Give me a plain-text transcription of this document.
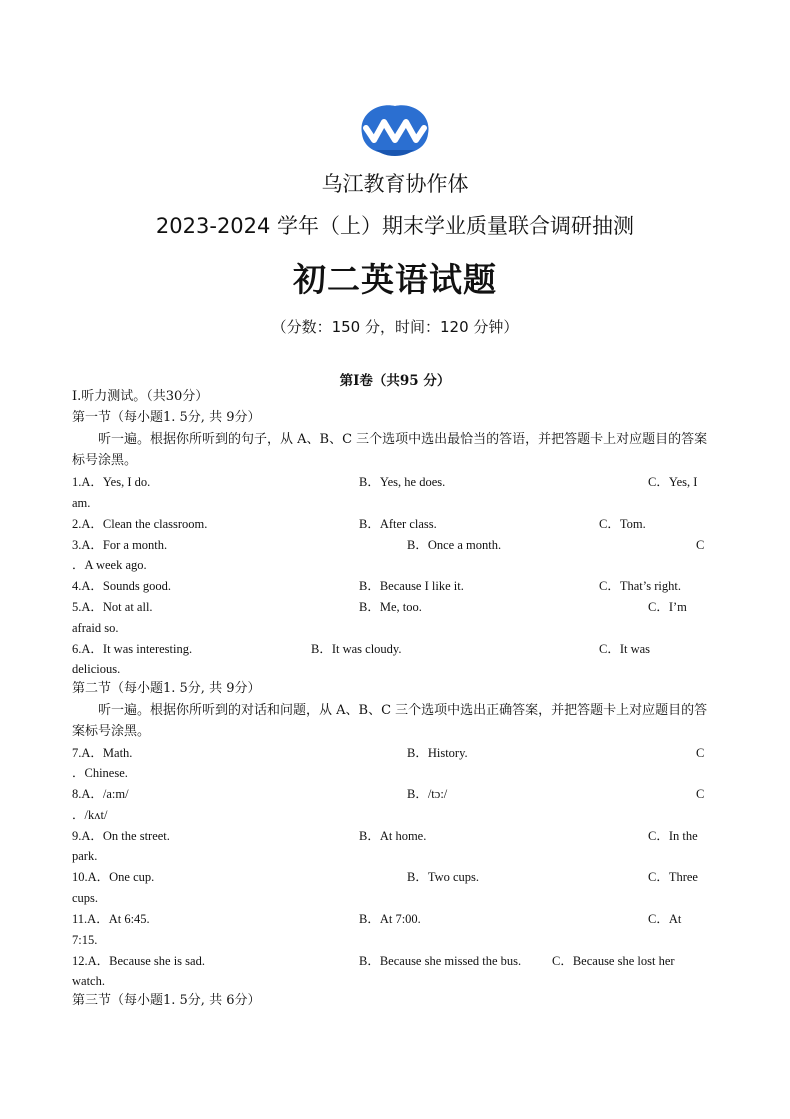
乌江教育协作体
2023-2024 学年（上）期末学业质量联合调研抽测
初二英语试题
（分数：150 分，时间：120 分钟）
第Ⅰ卷（共95 分）
Ⅰ.听力测试。（共30分）
第一节（每小题1. 5分, 共 9分）
听一遍。根据你所听到的句子，从 A、B、C 三个选项中选出最恰当的答语，并把答题卡上对应题目的答案标号涂黑。
1.A．Yes, I do.	B．Yes, he does.	C．Yes, I
am.
2.A．Clean the classroom.	B．After class.	C．Tom.
3.A．For a month.	B．Once a month.	C
．A week ago.
4.A．Sounds good.	B．Because I like it.	C．That’s right.
5.A．Not at all.	B．Me, too.	C．I’m
afraid so.
6.A．It was interesting.	B．It was cloudy.	C．It was
delicious.
第二节（每小题1. 5分, 共 9分）
听一遍。根据你所听到的对话和问题，从 A、B、C 三个选项中选出正确答案，并把答题卡上对应题目的答案标号涂黑。
7.A．Math.	B．History.	C
．Chinese.
8.A．/a:m/	B．/tɔ:/	C
．/kʌt/
9.A．On the street.	B．At home.	C．In the
park.
10.A．One cup.	B．Two cups.	C．Three
cups.
11.A．At 6:45.	B．At 7:00.	C．At
7:15.
12.A．Because she is sad.	B．Because she missed the bus. C．Because she lost her
watch.
第三节（每小题1. 5分, 共 6分）
